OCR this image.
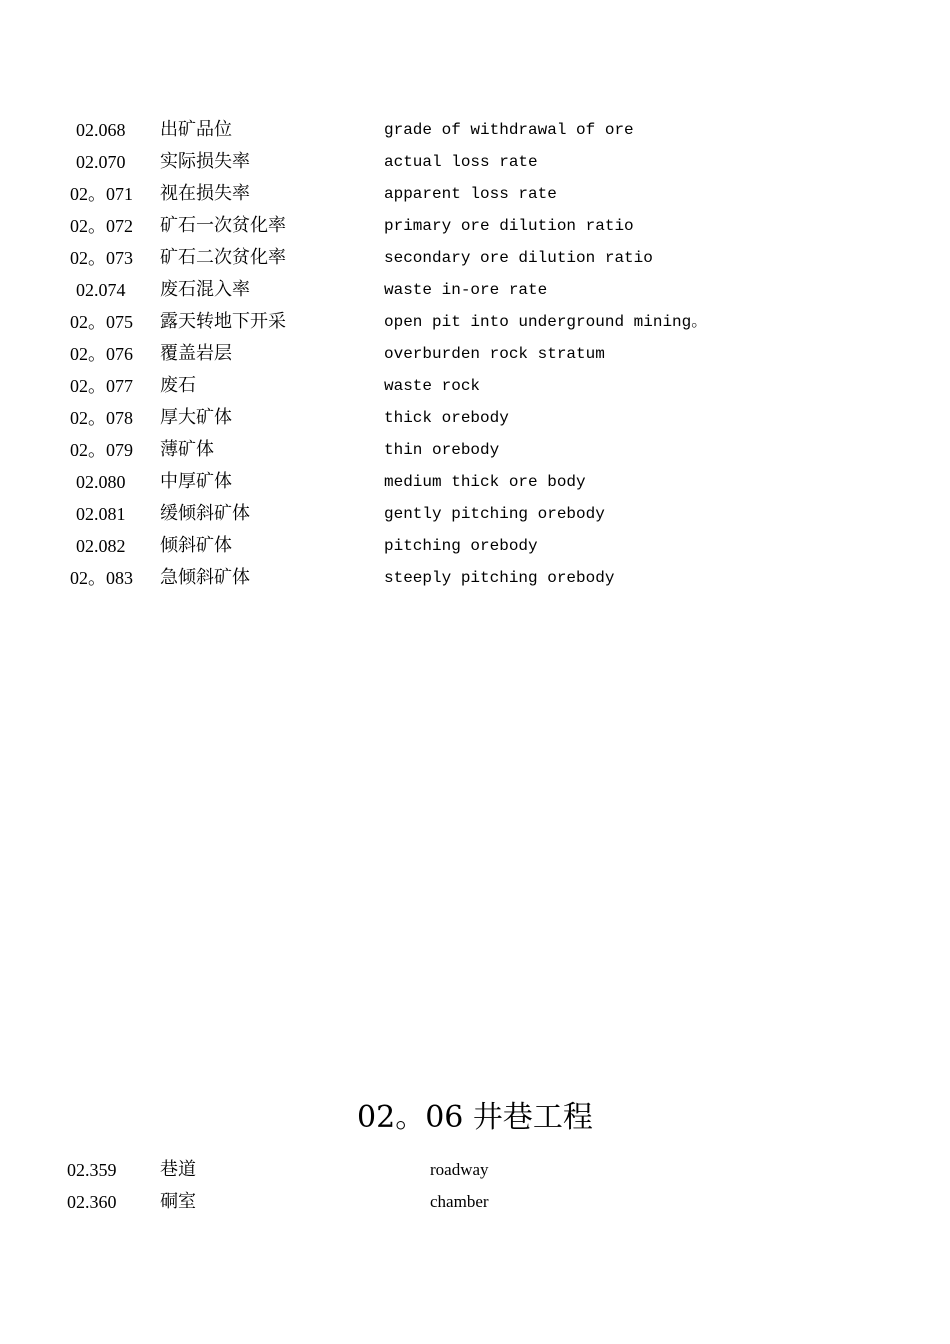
02.068 出矿品位	grade of withdrawal of ore
02.070 实际损失率	actual loss rate
02。071 视在损失率	apparent loss rate
02。072 矿石一次贫化率	primary ore dilution ratio
02。073 矿石二次贫化率	secondary ore dilution ratio
02.074 废石混入率	waste in-ore rate
02。075 露天转地下开采	open pit into underground mining。
02。076 覆盖岩层	overburden rock stratum
02。077 废石	waste rock
02。078 厚大矿体	thick orebody
02。079 薄矿体	thin orebody
02.080 中厚矿体	medium thick ore body
02.081 缓倾斜矿体	gently pitching orebody
02.082 倾斜矿体	pitching orebody
02。083 急倾斜矿体	steeply pitching orebody
02。06 井巷工程
02.359 巷道	roadway
02.360 硐室	chamber
